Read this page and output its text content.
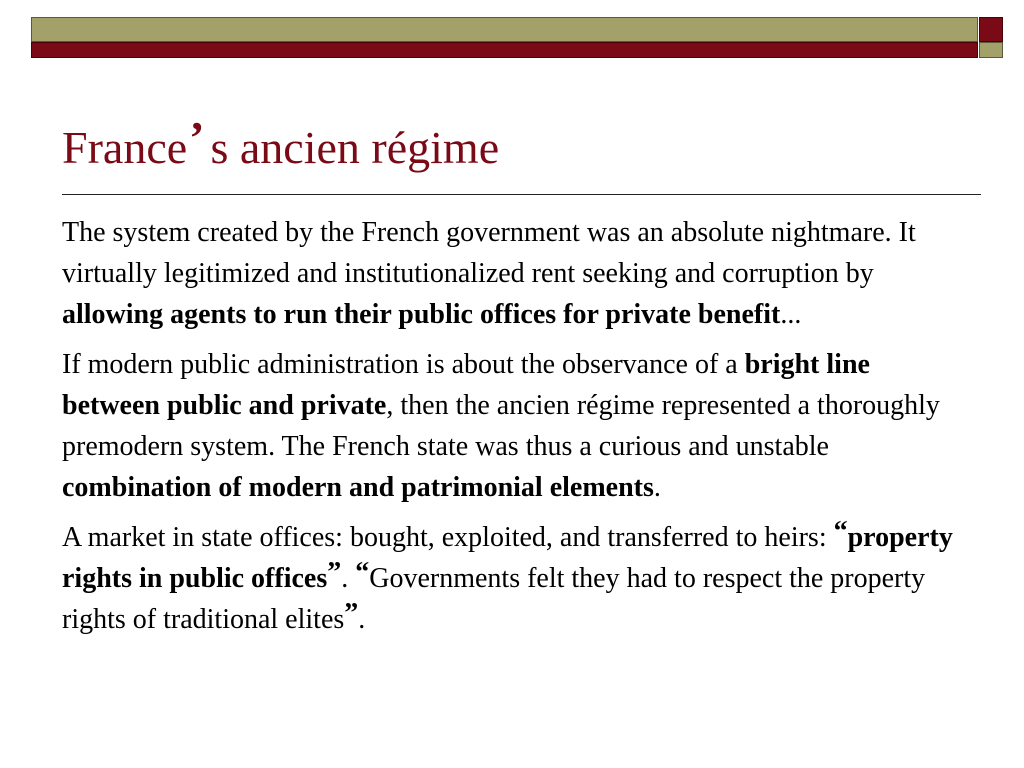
France’ s ancien régime

The system created by the French government was an absolute nightmare. It virtually legitimized and institutionalized rent seeking and corruption by allowing agents to run their public offices for private benefit...

If modern public administration is about the observance of a bright line between public and private, then the ancien régime represented a thoroughly premodern system. The French state was thus a curious and unstable combination of modern and patrimonial elements.

A market in state offices: bought, exploited, and transferred to heirs: “property rights in public offices”. “Governments felt they had to respect the property rights of traditional elites”.
